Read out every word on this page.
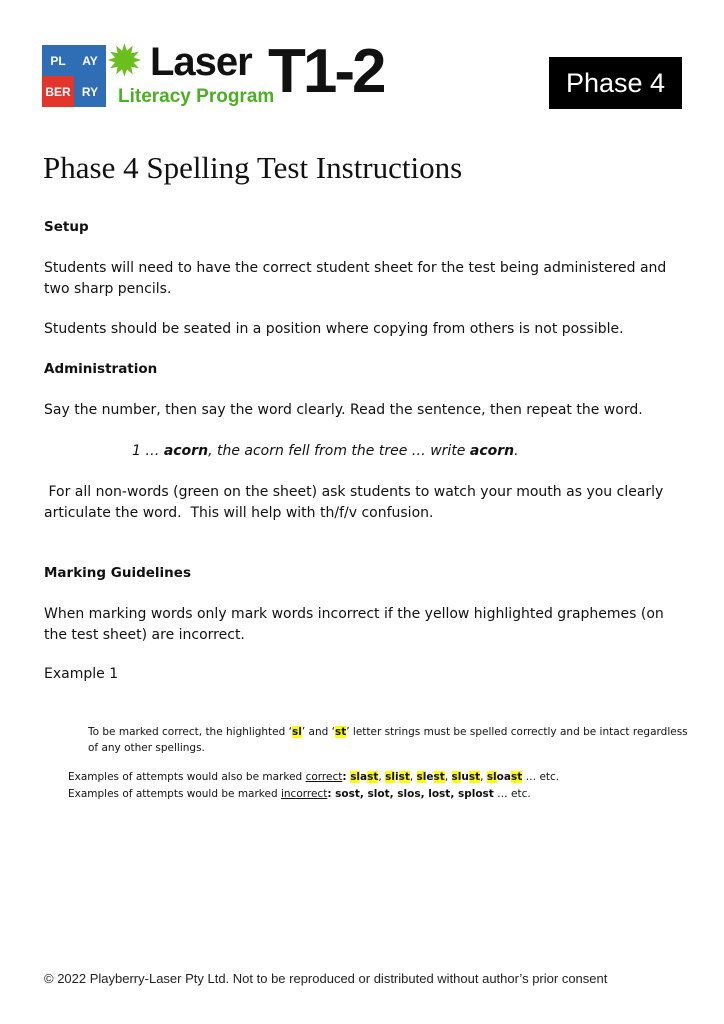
PL	AY
BER RY
✹ Laser
Literacy Program
T1-2	Phase 4
Phase 4 Spelling Test Instructions
Setup
Students will need to have the correct student sheet for the test being administered and two sharp pencils.
Students should be seated in a position where copying from others is not possible.
Administration
Say the number, then say the word clearly. Read the sentence, then repeat the word.
1 … acorn, the acorn fell from the tree … write acorn.
For all non-words (green on the sheet) ask students to watch your mouth as you clearly articulate the word.  This will help with th/f/v confusion.
Marking Guidelines
When marking words only mark words incorrect if the yellow highlighted graphemes (on the test sheet) are incorrect.
Example 1
To be marked correct, the highlighted ‘sl’ and ‘st’ letter strings must be spelled correctly and be intact regardless of any other spellings.
Examples of attempts would also be marked correct: slast, slist, slest, slust, sloast … etc.
Examples of attempts would be marked incorrect: sost, slot, slos, lost, splost … etc.
© 2022 Playberry-Laser Pty Ltd. Not to be reproduced or distributed without author’s prior consent
